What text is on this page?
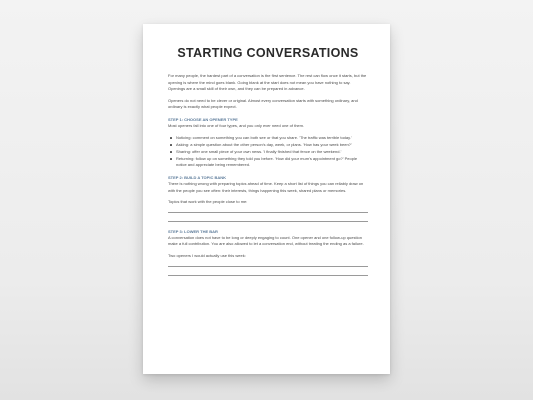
STARTING CONVERSATIONS

For many people, the hardest part of a conversation is the first sentence. The rest can flow once it starts, but the opening is where the mind goes blank. Going blank at the start does not mean you have nothing to say. Openings are a small skill of their own, and they can be prepared in advance.

Openers do not need to be clever or original. Almost every conversation starts with something ordinary, and ordinary is exactly what people expect.

STEP 1: CHOOSE AN OPENER TYPE

Most openers fall into one of four types, and you only ever need one of them.

Noticing: comment on something you can both see or that you share. 'The traffic was terrible today.'
Asking: a simple question about the other person's day, week, or plans. 'How has your week been?'
Sharing: offer one small piece of your own news. 'I finally finished that fence on the weekend.'
Returning: follow up on something they told you before. 'How did your mum's appointment go?' People notice and appreciate being remembered.
STEP 2: BUILD A TOPIC BANK

There is nothing wrong with preparing topics ahead of time. Keep a short list of things you can reliably draw on with the people you see often: their interests, things happening this week, shared plans or memories.

Topics that work with the people close to me:

STEP 3: LOWER THE BAR

A conversation does not have to be long or deeply engaging to count. One opener and one follow-up question make a full contribution. You are also allowed to let a conversation end, without treating the ending as a failure.

Two openers I would actually use this week:
